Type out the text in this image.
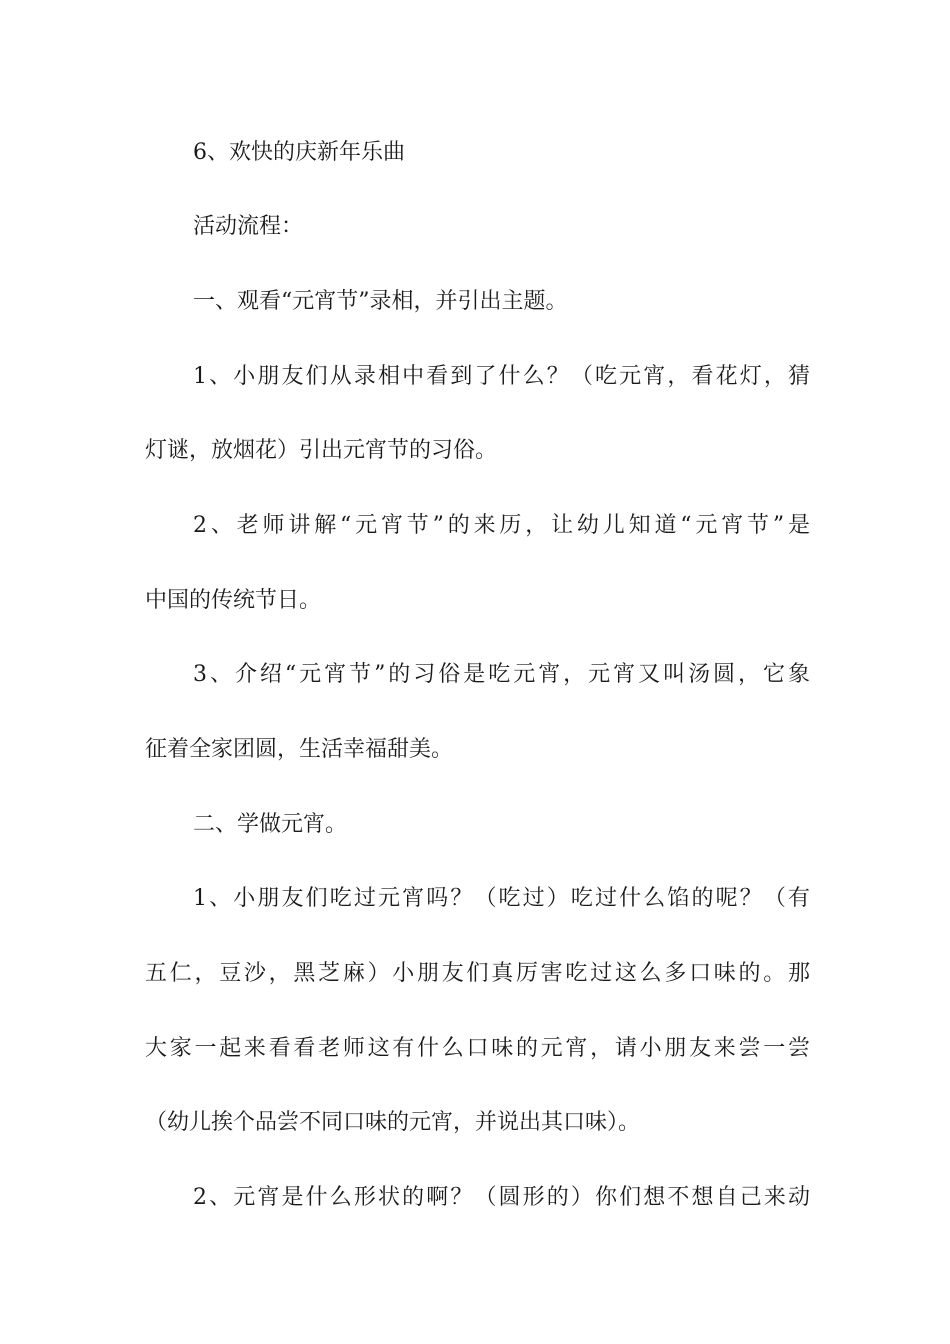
6、欢快的庆新年乐曲
活动流程：
一、观看“元宵节”录相，并引出主题。
1、小朋友们从录相中看到了什么？（吃元宵，看花灯，猜
灯谜，放烟花）引出元宵节的习俗。
2、老师讲解“元宵节”的来历，让幼儿知道“元宵节”是
中国的传统节日。
3、介绍“元宵节”的习俗是吃元宵，元宵又叫汤圆，它象
征着全家团圆，生活幸福甜美。
二、学做元宵。
1、小朋友们吃过元宵吗？（吃过）吃过什么馅的呢？（有
五仁，豆沙，黑芝麻）小朋友们真厉害吃过这么多口味的。那
大家一起来看看老师这有什么口味的元宵，请小朋友来尝一尝
（幼儿挨个品尝不同口味的元宵，并说出其口味）。
2、元宵是什么形状的啊？（圆形的）你们想不想自己来动
